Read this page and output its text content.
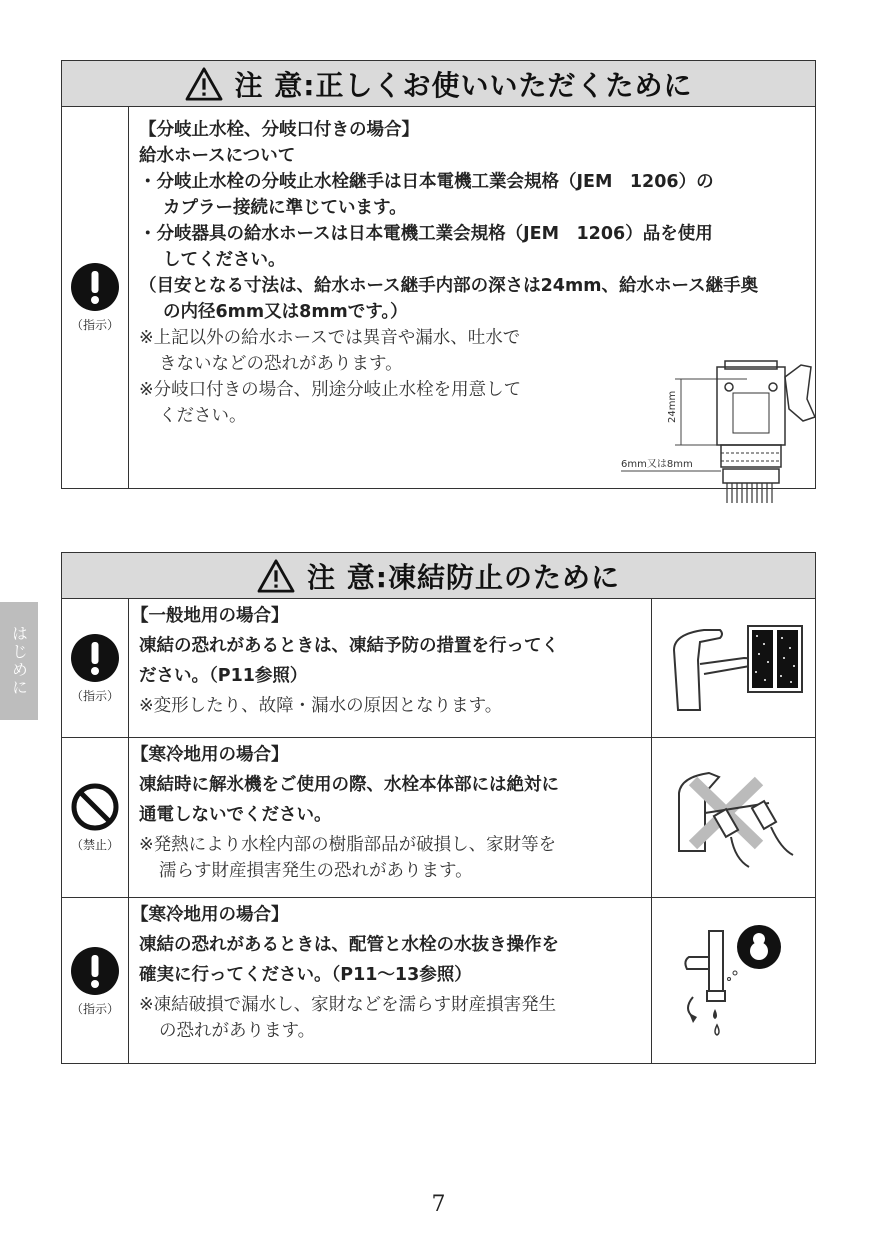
注 意:正しくお使いいただくために
（指示）
【分岐止水栓、分岐口付きの場合】
給水ホースについて
・分岐止水栓の分岐止水栓継手は日本電機工業会規格（JEM　1206）の
カプラー接続に準じています。
・分岐器具の給水ホースは日本電機工業会規格（JEM　1206）品を使用
してください。
（目安となる寸法は、給水ホース継手内部の深さは24mm、給水ホース継手奥
の内径6mm又は8mmです。）
※上記以外の給水ホースでは異音や漏水、吐水で
きないなどの恐れがあります。
※分岐口付きの場合、別途分岐止水栓を用意して
ください。	24mm
6mm又は8mm
注 意:凍結防止のために
（指示）
【一般地用の場合】
凍結の恐れがあるときは、凍結予防の措置を行ってく
ださい。（P11参照）
※変形したり、故障・漏水の原因となります。
（禁止）
【寒冷地用の場合】
凍結時に解氷機をご使用の際、水栓本体部には絶対に
通電しないでください。
※発熱により水栓内部の樹脂部品が破損し、家財等を
濡らす財産損害発生の恐れがあります。
（指示）
【寒冷地用の場合】
凍結の恐れがあるときは、配管と水栓の水抜き操作を
確実に行ってください。（P11～13参照）
※凍結破損で漏水し、家財などを濡らす財産損害発生
の恐れがあります。
はじめに
7
